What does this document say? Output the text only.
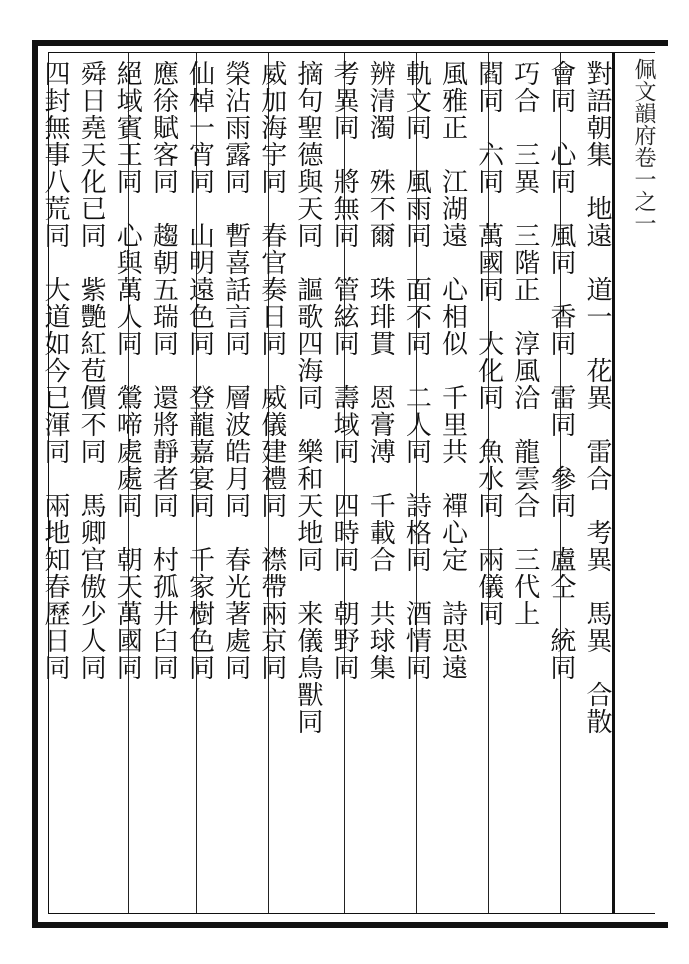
佩文韻府卷一之一
對語朝集　地遠　道一　花異　雷合　考異　馬異　合散
會同　心同　風同　香同　雷同　參同　盧仝　統同
巧合　三異　三階正　淳風洽　龍雲合　三代上
閻同　六同　萬國同　大化同　魚水同　兩儀同
風雅正　江湖遠　心相似　千里共　禪心定　詩思遠
軌文同　風雨同　面不同　二人同　詩格同　酒情同
辨清濁　殊不爾　珠琲貫　恩膏溥　千載合　共球集
考異同　將無同　管絃同　壽域同　四時同　朝野同
摘句聖德與天同　謳歌四海同　樂和天地同　来儀鳥獸同
威加海宇同　春官奏日同　威儀建禮同　襟帶兩京同
榮沾雨露同　暫喜話言同　層波皓月同　春光著處同
仙棹一宵同　山明遠色同　登龍嘉宴同　千家樹色同
應徐賦客同　趨朝五瑞同　還將靜者同　村孤井臼同
絕域賓王同　心與萬人同　鶯啼處處同　朝天萬國同
舜日堯天化已同　紫艷紅苞價不同　馬卿官傲少人同
四封無事八荒同　大道如今已渾同　兩地知春歷日同
